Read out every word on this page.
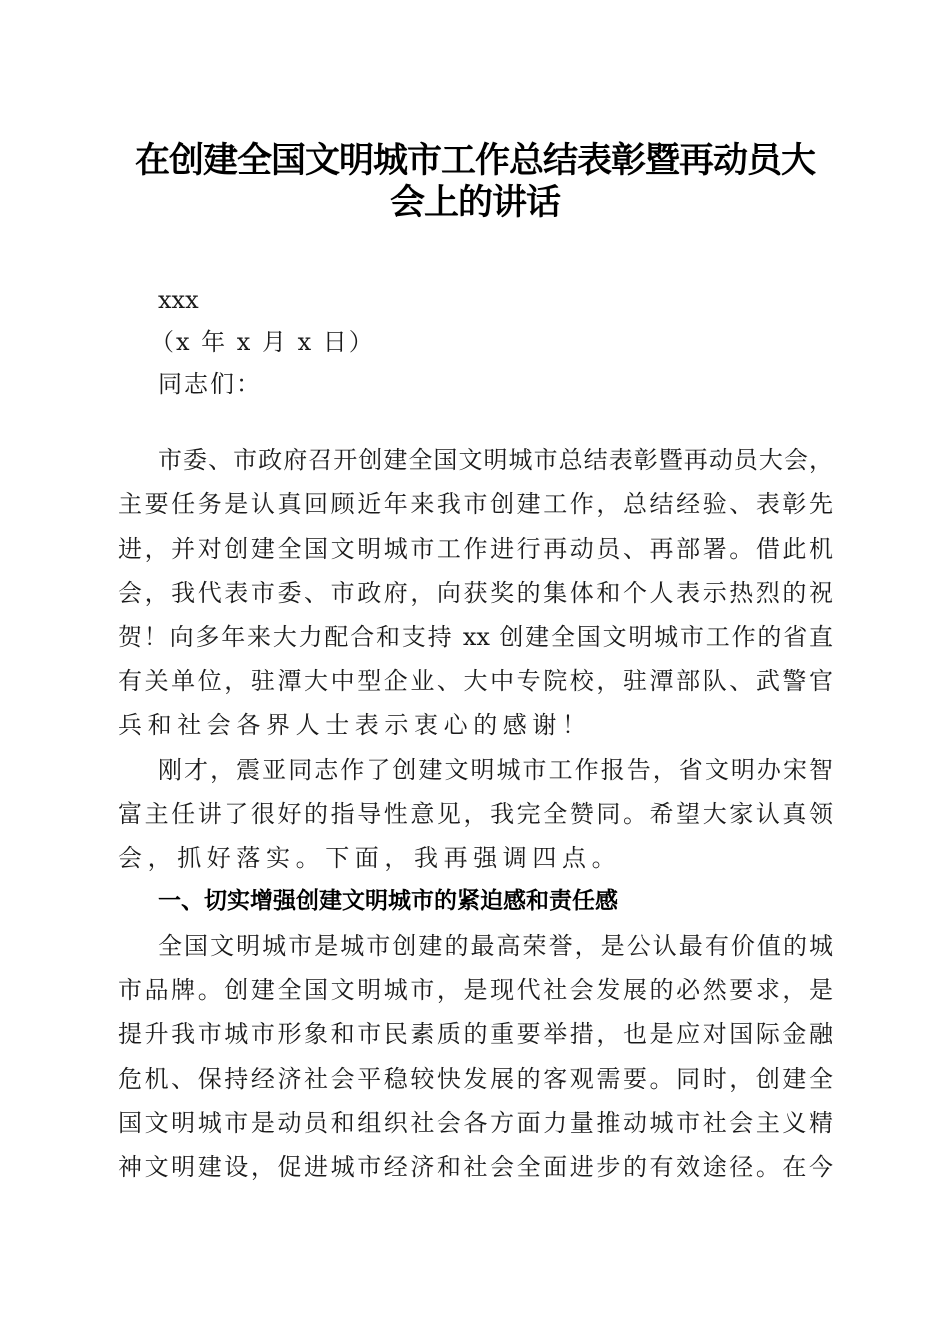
在创建全国文明城市工作总结表彰暨再动员大
会上的讲话
xxx
（x 年 x 月 x 日）
同志们：
市委、市政府召开创建全国文明城市总结表彰暨再动员大会，
主要任务是认真回顾近年来我市创建工作，总结经验、表彰先
进，并对创建全国文明城市工作进行再动员、再部署。借此机
会，我代表市委、市政府，向获奖的集体和个人表示热烈的祝
贺！向多年来大力配合和支持 xx 创建全国文明城市工作的省直
有关单位，驻潭大中型企业、大中专院校，驻潭部队、武警官
兵和社会各界人士表示衷心的感谢！
刚才，震亚同志作了创建文明城市工作报告，省文明办宋智
富主任讲了很好的指导性意见，我完全赞同。希望大家认真领
会，抓好落实。下面，我再强调四点。
一、切实增强创建文明城市的紧迫感和责任感
全国文明城市是城市创建的最高荣誉，是公认最有价值的城
市品牌。创建全国文明城市，是现代社会发展的必然要求，是
提升我市城市形象和市民素质的重要举措，也是应对国际金融
危机、保持经济社会平稳较快发展的客观需要。同时，创建全
国文明城市是动员和组织社会各方面力量推动城市社会主义精
神文明建设，促进城市经济和社会全面进步的有效途径。在今
